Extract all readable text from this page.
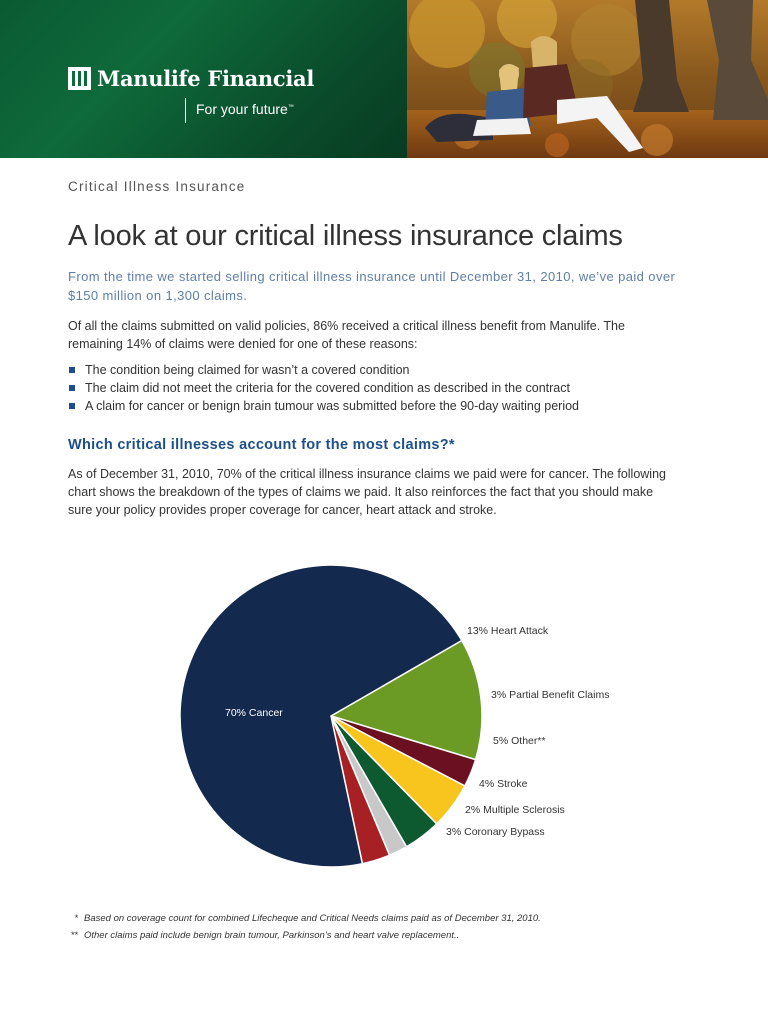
Manulife Financial
For your future™
Critical Illness Insurance
A look at our critical illness insurance claims
From the time we started selling critical illness insurance until December 31, 2010, we’ve paid over $150 million on 1,300 claims.
Of all the claims submitted on valid policies, 86% received a critical illness benefit from Manulife. The remaining 14% of claims were denied for one of these reasons:
The condition being claimed for wasn’t a covered condition
The claim did not meet the criteria for the covered condition as described in the contract
A claim for cancer or benign brain tumour was submitted before the 90-day waiting period
Which critical illnesses account for the most claims?*
As of December 31, 2010, 70% of the critical illness insurance claims we paid were for cancer. The following chart shows the breakdown of the types of claims we paid. It also reinforces the fact that you should make sure your policy provides proper coverage for cancer, heart attack and stroke.
70% Cancer
13% Heart Attack
3% Partial Benefit Claims
5% Other**
4% Stroke
2% Multiple Sclerosis
3% Coronary Bypass
* Based on coverage count for combined Lifecheque and Critical Needs claims paid as of December 31, 2010.
** Other claims paid include benign brain tumour, Parkinson’s and heart valve replacement..
